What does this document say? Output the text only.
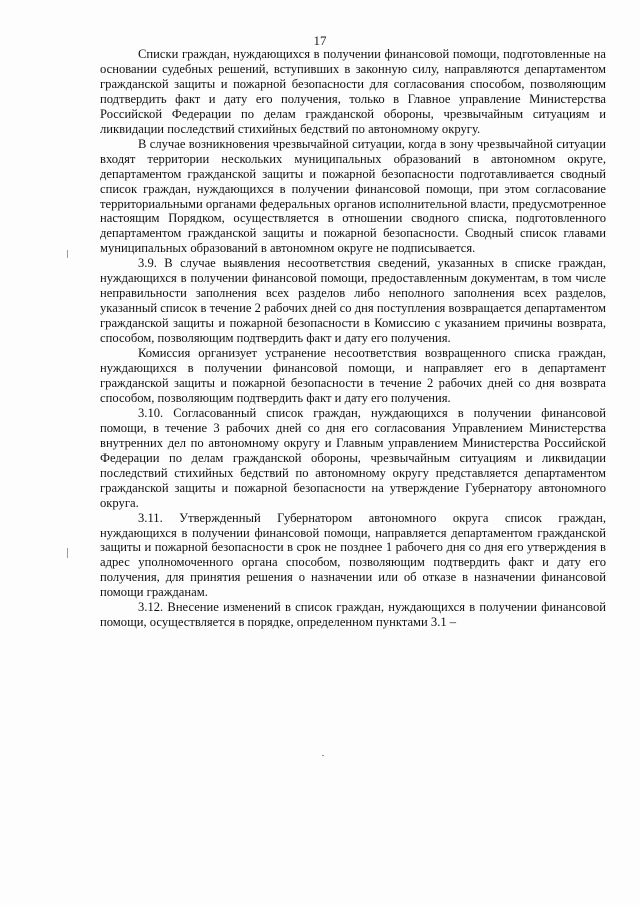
17

Списки граждан, нуждающихся в получении финансовой помощи, подготовленные на основании судебных решений, вступивших в законную силу, направляются департаментом гражданской защиты и пожарной безопасности для согласования способом, позволяющим подтвердить факт и дату его получения, только в Главное управление Министерства Российской Федерации по делам гражданской обороны, чрезвычайным ситуациям и ликвидации последствий стихийных бедствий по автономному округу.

В случае возникновения чрезвычайной ситуации, когда в зону чрезвычайной ситуации входят территории нескольких муниципальных образований в автономном округе, департаментом гражданской защиты и пожарной безопасности подготавливается сводный список граждан, нуждающихся в получении финансовой помощи, при этом согласование территориальными органами федеральных органов исполнительной власти, предусмотренное настоящим Порядком, осуществляется в отношении сводного списка, подготовленного департаментом гражданской защиты и пожарной безопасности. Сводный список главами муниципальных образований в автономном округе не подписывается.

3.9. В случае выявления несоответствия сведений, указанных в списке граждан, нуждающихся в получении финансовой помощи, предоставленным документам, в том числе неправильности заполнения всех разделов либо неполного заполнения всех разделов, указанный список в течение 2 рабочих дней со дня поступления возвращается департаментом гражданской защиты и пожарной безопасности в Комиссию с указанием причины возврата, способом, позволяющим подтвердить факт и дату его получения.

Комиссия организует устранение несоответствия возвращенного списка граждан, нуждающихся в получении финансовой помощи, и направляет его в департамент гражданской защиты и пожарной безопасности в течение 2 рабочих дней со дня возврата способом, позволяющим подтвердить факт и дату его получения.

3.10. Согласованный список граждан, нуждающихся в получении финансовой помощи, в течение 3 рабочих дней со дня его согласования Управлением Министерства внутренних дел по автономному округу и Главным управлением Министерства Российской Федерации по делам гражданской обороны, чрезвычайным ситуациям и ликвидации последствий стихийных бедствий по автономному округу представляется департаментом гражданской защиты и пожарной безопасности на утверждение Губернатору автономного округа.

3.11. Утвержденный Губернатором автономного округа список граждан, нуждающихся в получении финансовой помощи, направляется департаментом гражданской защиты и пожарной безопасности в срок не позднее 1 рабочего дня со дня его утверждения в адрес уполномоченного органа способом, позволяющим подтвердить факт и дату его получения, для принятия решения о назначении или об отказе в назначении финансовой помощи гражданам.

3.12. Внесение изменений в список граждан, нуждающихся в получении финансовой помощи, осуществляется в порядке, определенном пунктами 3.1 –
